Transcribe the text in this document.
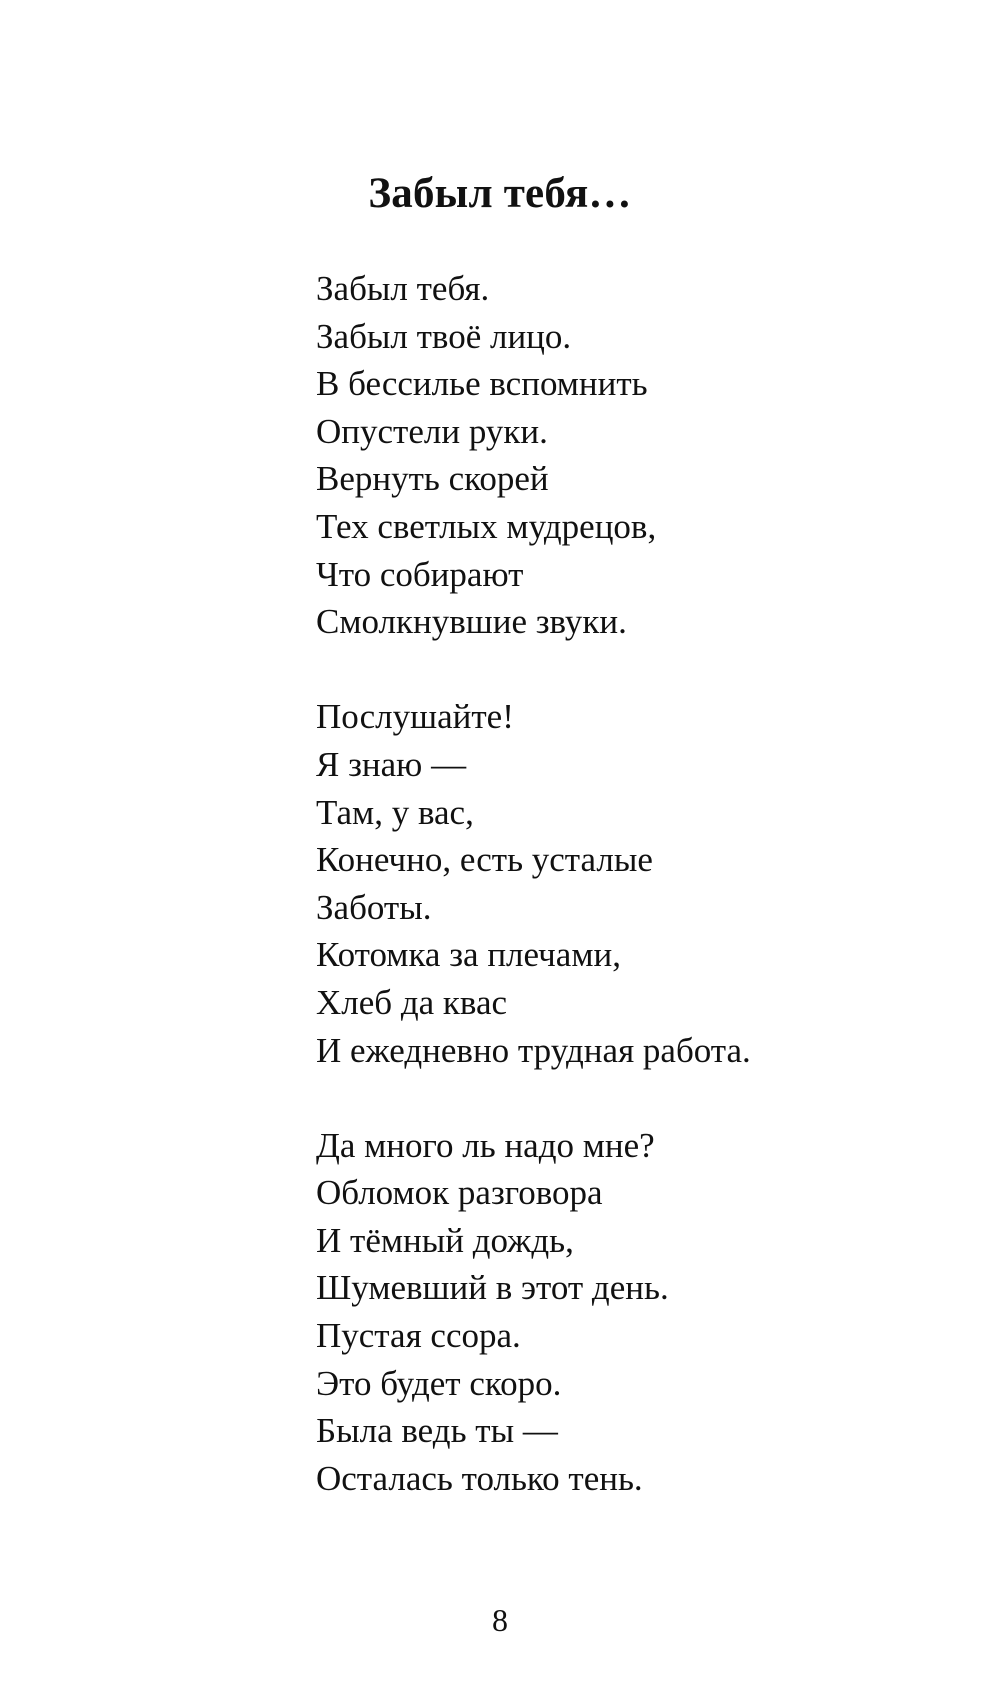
Забыл тебя…
Забыл тебя.
Забыл твоё лицо.
В бессилье вспомнить
Опустели руки.
Вернуть скорей
Тех светлых мудрецов,
Что собирают
Смолкнувшие звуки.
Послушайте!
Я знаю —
Там, у вас,
Конечно, есть усталые
Заботы.
Котомка за плечами,
Хлеб да квас
И ежедневно трудная работа.
Да много ль надо мне?
Обломок разговора
И тёмный дождь,
Шумевший в этот день.
Пустая ссора.
Это будет скоро.
Была ведь ты —
Осталась только тень.
8
